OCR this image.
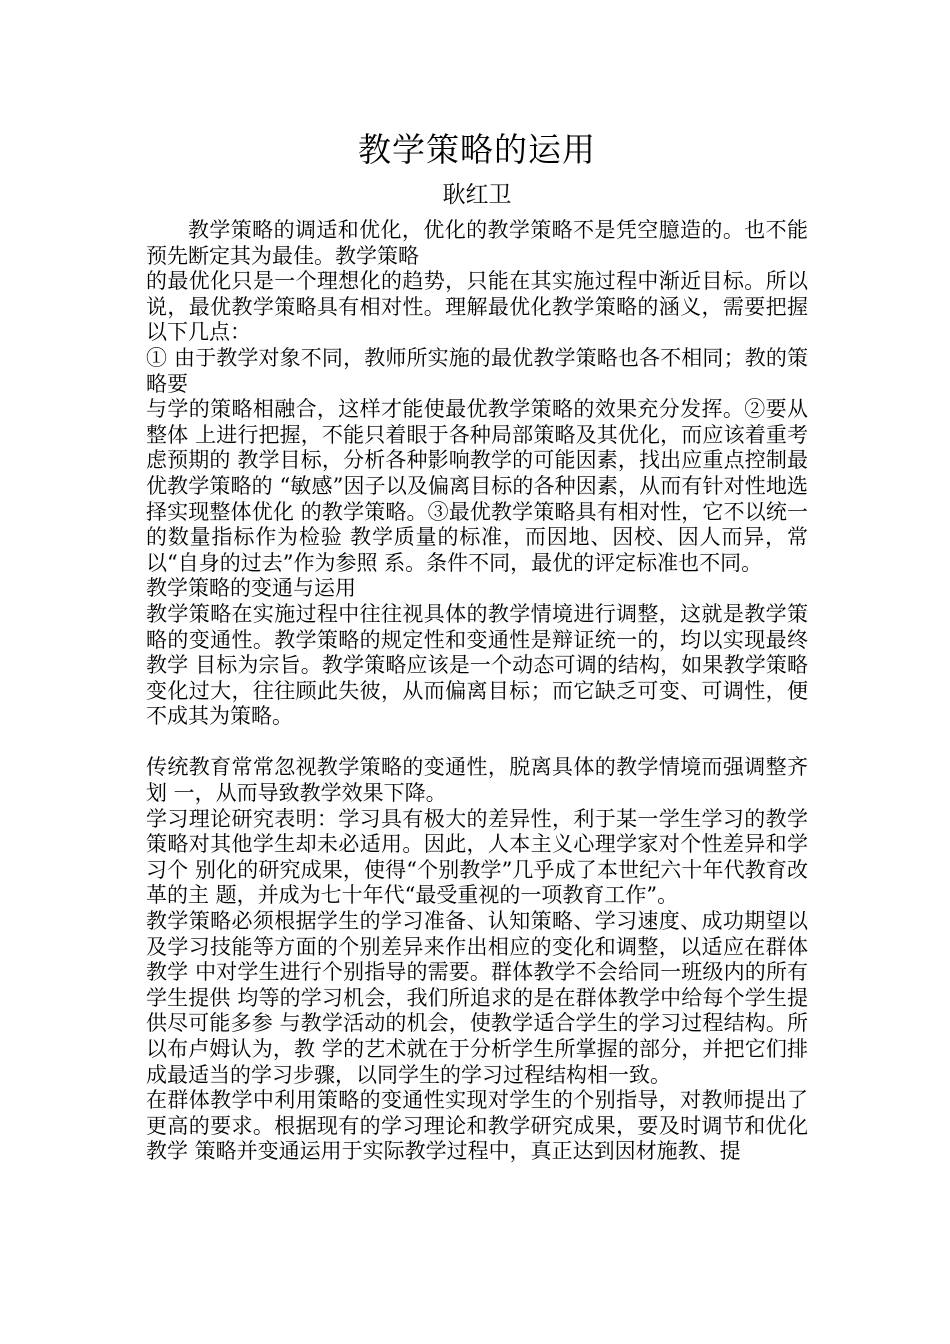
教学策略的运用
耿红卫

教学策略的调适和优化，优化的教学策略不是凭空臆造的。也不能预先断定其为最佳。教学策略

的最优化只是一个理想化的趋势，只能在其实施过程中渐近目标。所以说，最优教学策略具有相对性。理解最优化教学策略的涵义，需要把握以下几点：

① 由于教学对象不同，教师所实施的最优教学策略也各不相同；教的策略要

与学的策略相融合，这样才能使最优教学策略的效果充分发挥。②要从整体 上进行把握，不能只着眼于各种局部策略及其优化，而应该着重考虑预期的 教学目标，分析各种影响教学的可能因素，找出应重点控制最优教学策略的 “敏感”因子以及偏离目标的各种因素，从而有针对性地选择实现整体优化 的教学策略。③最优教学策略具有相对性，它不以统一的数量指标作为检验 教学质量的标准，而因地、因校、因人而异，常以“自身的过去”作为参照 系。条件不同，最优的评定标准也不同。

教学策略的变通与运用

教学策略在实施过程中往往视具体的教学情境进行调整，这就是教学策 略的变通性。教学策略的规定性和变通性是辩证统一的，均以实现最终教学 目标为宗旨。教学策略应该是一个动态可调的结构，如果教学策略变化过大，往往顾此失彼，从而偏离目标；而它缺乏可变、可调性，便不成其为策略。

传统教育常常忽视教学策略的变通性，脱离具体的教学情境而强调整齐划 一，从而导致教学效果下降。

学习理论研究表明：学习具有极大的差异性，利于某一学生学习的教学 策略对其他学生却未必适用。因此，人本主义心理学家对个性差异和学习个 别化的研究成果，使得“个别教学”几乎成了本世纪六十年代教育改革的主 题，并成为七十年代“最受重视的一项教育工作”。

教学策略必须根据学生的学习准备、认知策略、学习速度、成功期望以 及学习技能等方面的个别差异来作出相应的变化和调整，以适应在群体教学 中对学生进行个别指导的需要。群体教学不会给同一班级内的所有学生提供 均等的学习机会，我们所追求的是在群体教学中给每个学生提供尽可能多参 与教学活动的机会，使教学适合学生的学习过程结构。所以布卢姆认为，教 学的艺术就在于分析学生所掌握的部分，并把它们排成最适当的学习步骤，以同学生的学习过程结构相一致。

在群体教学中利用策略的变通性实现对学生的个别指导，对教师提出了 更高的要求。根据现有的学习理论和教学研究成果，要及时调节和优化教学 策略并变通运用于实际教学过程中，真正达到因材施教、提
